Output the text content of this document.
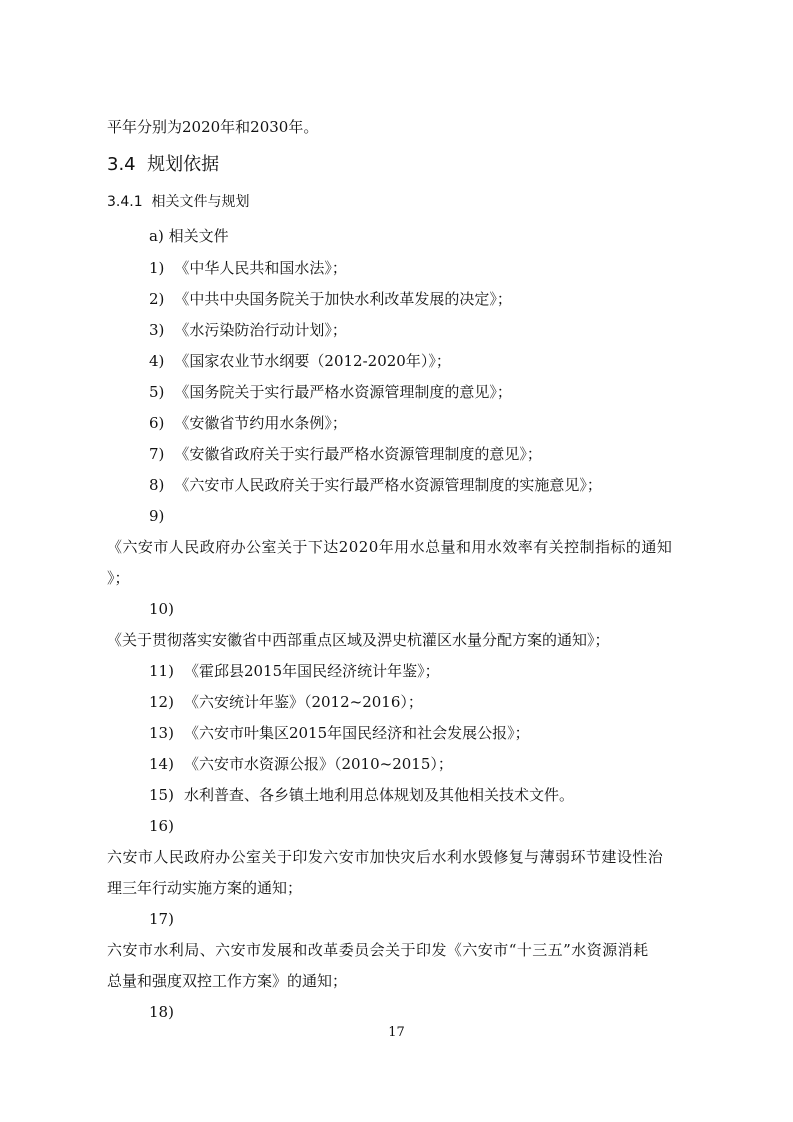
平年分别为2020年和2030年。
3.4 规划依据
3.4.1 相关文件与规划
a) 相关文件
1) 《中华人民共和国水法》；
2) 《中共中央国务院关于加快水利改革发展的决定》；
3) 《水污染防治行动计划》；
4) 《国家农业节水纲要（2012-2020年）》；
5) 《国务院关于实行最严格水资源管理制度的意见》；
6) 《安徽省节约用水条例》；
7) 《安徽省政府关于实行最严格水资源管理制度的意见》；
8) 《六安市人民政府关于实行最严格水资源管理制度的实施意见》；
9)
《六安市人民政府办公室关于下达2020年用水总量和用水效率有关控制指标的通知
》；
10)
《关于贯彻落实安徽省中西部重点区域及淠史杭灌区水量分配方案的通知》；
11) 《霍邱县2015年国民经济统计年鉴》；
12) 《六安统计年鉴》（2012~2016）；
13) 《六安市叶集区2015年国民经济和社会发展公报》；
14) 《六安市水资源公报》（2010~2015）；
15) 水利普查、各乡镇土地利用总体规划及其他相关技术文件。
16)
六安市人民政府办公室关于印发六安市加快灾后水利水毁修复与薄弱环节建设性治
理三年行动实施方案的通知；
17)
六安市水利局、六安市发展和改革委员会关于印发《六安市“十三五”水资源消耗
总量和强度双控工作方案》的通知；
18)
17
